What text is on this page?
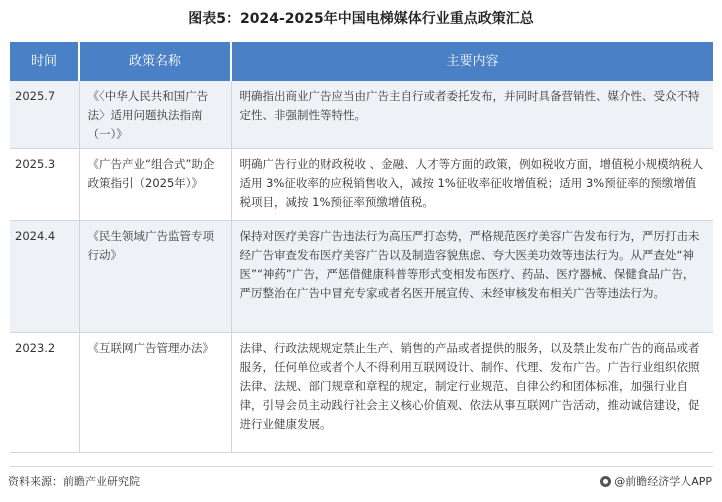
图表5：2024-2025年中国电梯媒体行业重点政策汇总
时间	政策名称	主要内容
2025.7	《〈中华人民共和国广告法〉适用问题执法指南（一）》	明确指出商业广告应当由广告主自行或者委托发布，并同时具备营销性、媒介性、受众不特定性、非强制性等特性。
2025.3	《广告产业“组合式”助企政策指引（2025年）》	明确广告行业的财政税收 、金融、人才等方面的政策，例如税收方面，增值税小规模纳税人适用 3%征收率的应税销售收入，减按 1%征收率征收增值税；适用 3%预征率的预缴增值税项目，减按 1%预征率预缴增值税。
2024.4	《民生领域广告监管专项行动》	保持对医疗美容广告违法行为高压严打态势，严格规范医疗美容广告发布行为，严厉打击未经广告审查发布医疗美容广告以及制造容貌焦虑、夸大医美功效等违法行为。从严查处“神医”“神药”广告，严惩借健康科普等形式变相发布医疗、药品、医疗器械、保健食品广告，严厉整治在广告中冒充专家或者名医开展宣传、未经审核发布相关广告等违法行为。
2023.2	《互联网广告管理办法》	法律、行政法规规定禁止生产、销售的产品或者提供的服务，以及禁止发布广告的商品或者服务，任何单位或者个人不得利用互联网设计、制作、代理、发布广告。广告行业组织依照法律、法规、部门规章和章程的规定，制定行业规范、自律公约和团体标准，加强行业自律，引导会员主动践行社会主义核心价值观、依法从事互联网广告活动，推动诚信建设，促进行业健康发展。
资料来源：前瞻产业研究院	@前瞻经济学人APP
